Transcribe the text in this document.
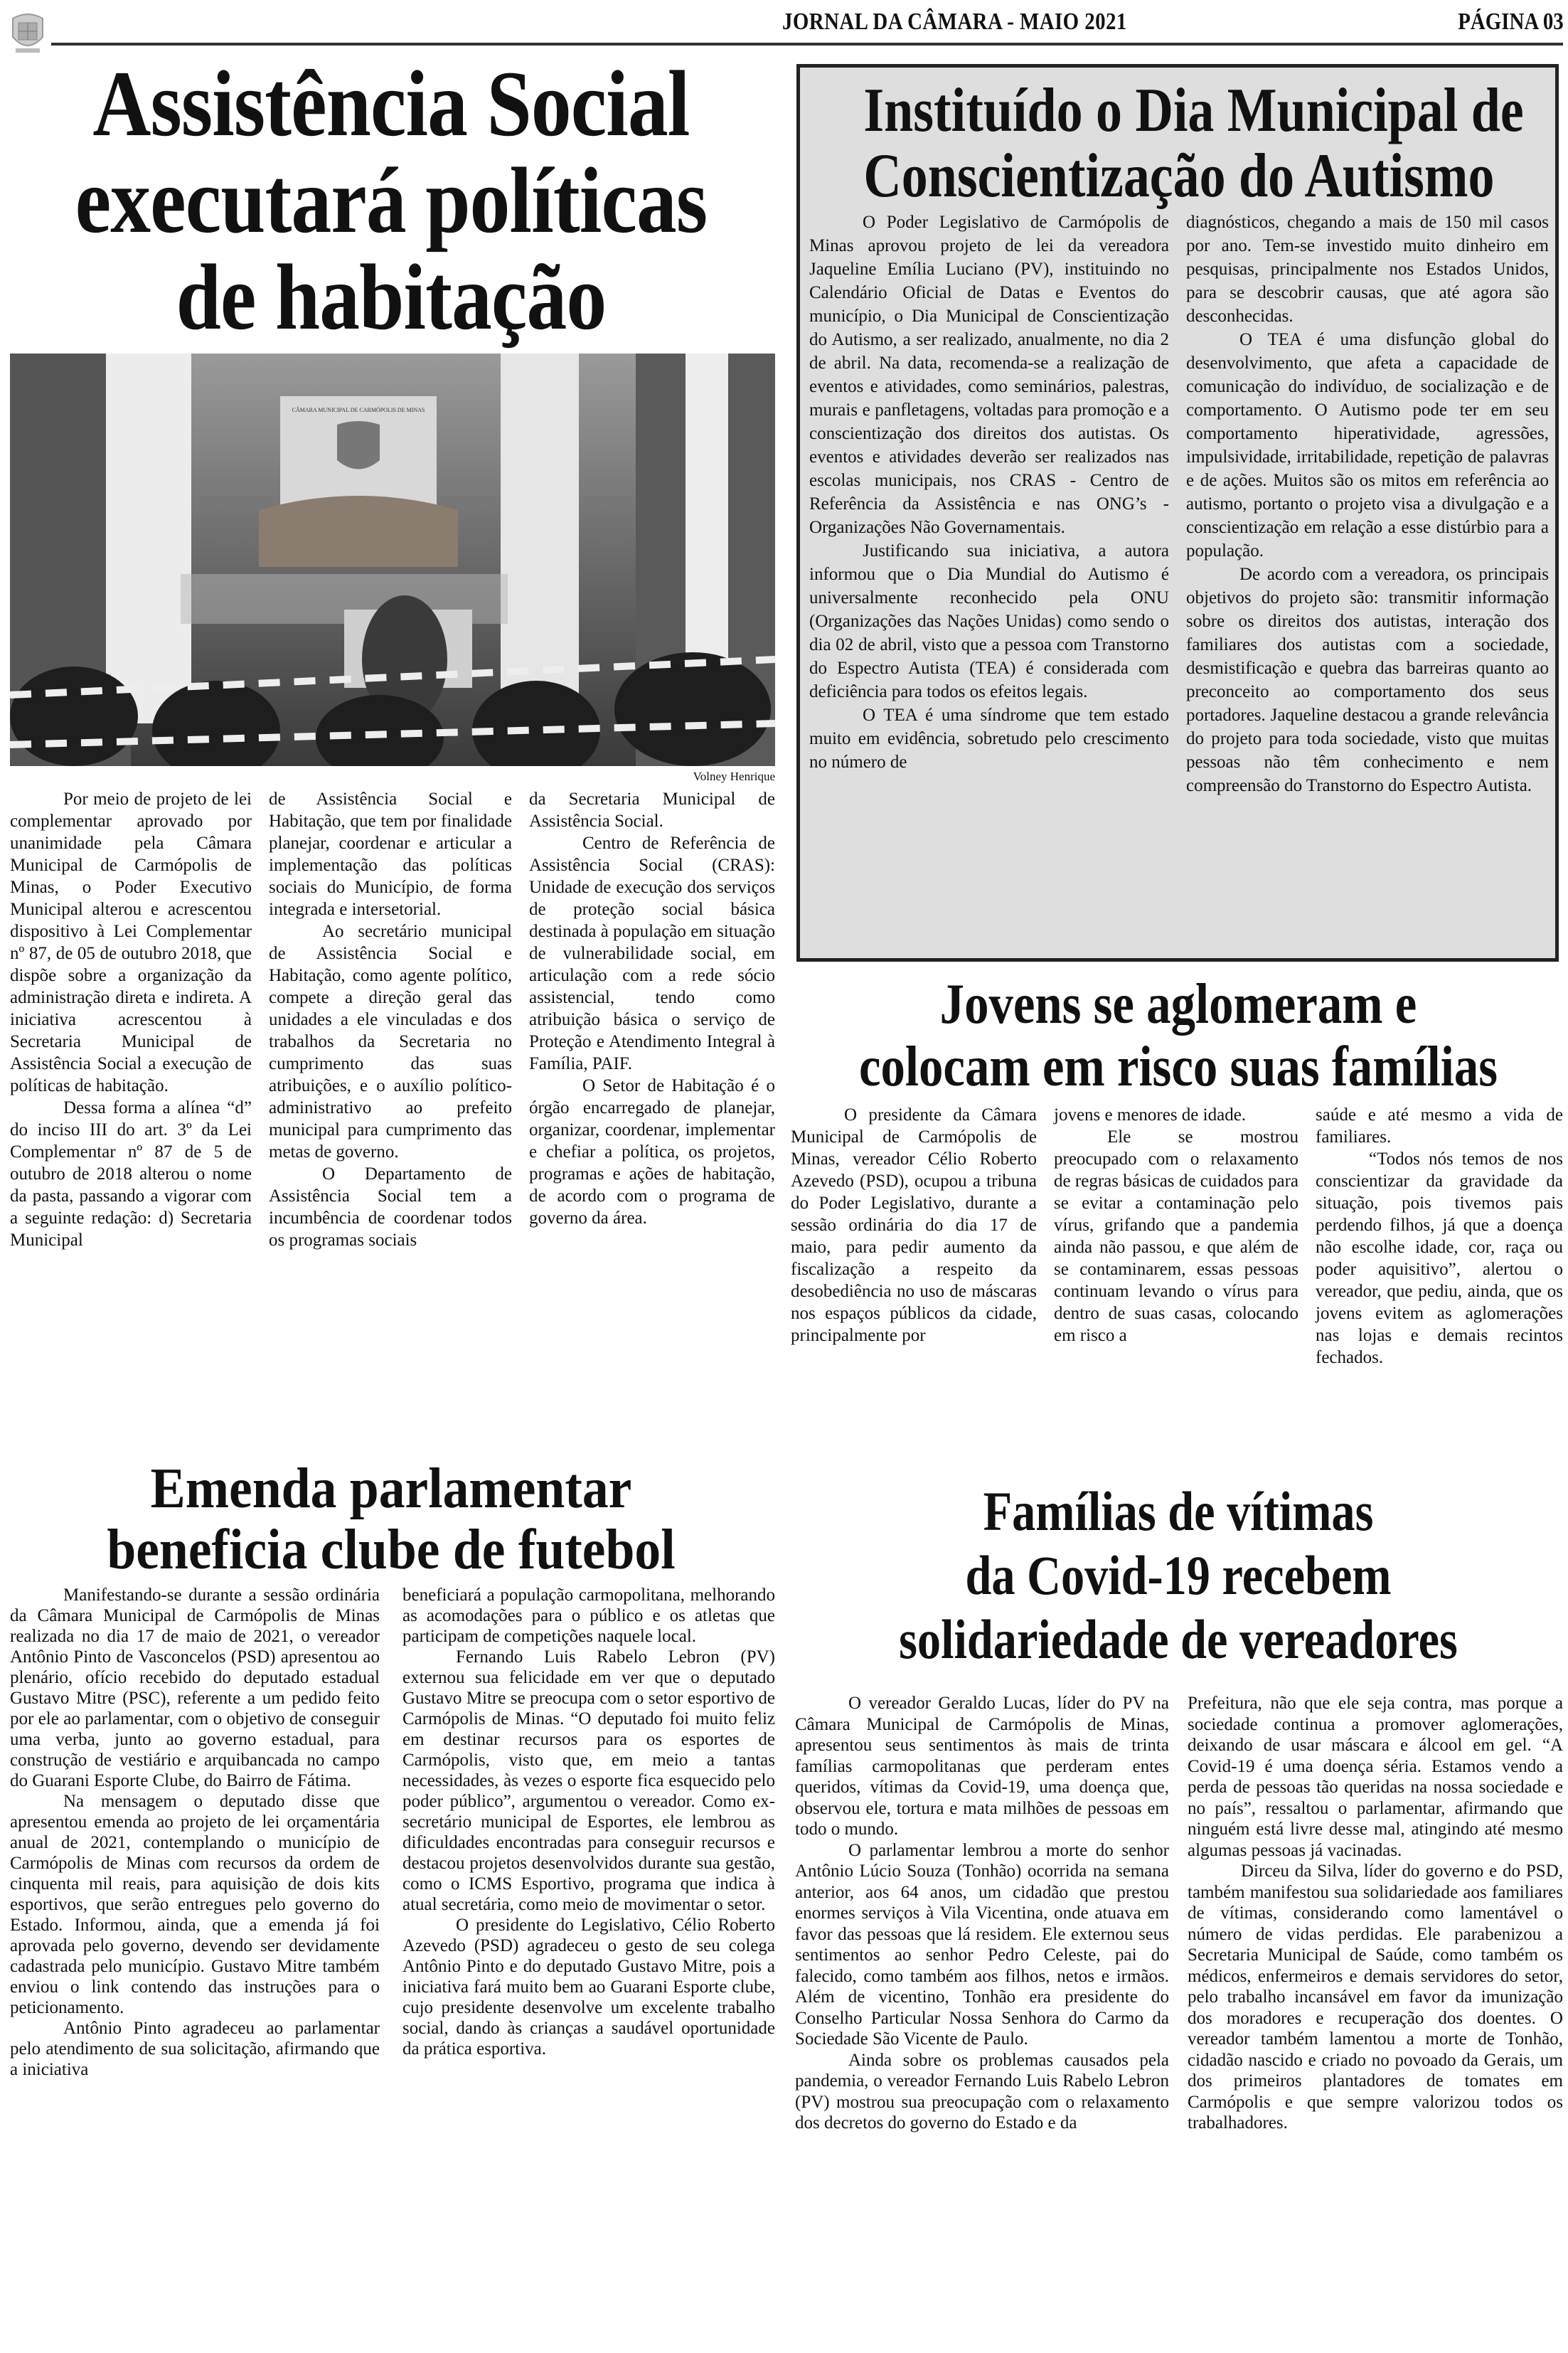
JORNAL DA CÂMARA - MAIO 2021	PÁGINA 03
Assistência Social
executará políticas
de habitação
CÂMARA MUNICIPAL DE CARMÓPOLIS DE MINAS
Volney Henrique

Por meio de projeto de lei complementar aprovado por unanimidade pela Câmara Municipal de Carmópolis de Minas, o Poder Executivo Municipal alterou e acrescentou dispositivo à Lei Complementar nº 87, de 05 de outubro 2018, que dispõe sobre a organização da administração direta e indireta. A iniciativa acrescentou à Secretaria Municipal de Assistência Social a execução de políticas de habitação.

Dessa forma a alínea “d” do inciso III do art. 3º da Lei Complementar nº 87 de 5 de outubro de 2018 alterou o nome da pasta, passando a vigorar com a seguinte redação: d) Secretaria Municipal

de Assistência Social e Habitação, que tem por finalidade planejar, coordenar e articular a implementação das políticas sociais do Município, de forma integrada e intersetorial.

Ao secretário municipal de Assistência Social e Habitação, como agente político, compete a direção geral das unidades a ele vinculadas e dos trabalhos da Secretaria no cumprimento das suas atribuições, e o auxílio político-administrativo ao prefeito municipal para cumprimento das metas de governo.

O Departamento de Assistência Social tem a incumbência de coordenar todos os programas sociais

da Secretaria Municipal de Assistência Social.

Centro de Referência de Assistência Social (CRAS): Unidade de execução dos serviços de proteção social básica destinada à população em situação de vulnerabilidade social, em articulação com a rede sócio assistencial, tendo como atribuição básica o serviço de Proteção e Atendimento Integral à Família, PAIF.

O Setor de Habitação é o órgão encarregado de planejar, organizar, coordenar, implementar e chefiar a política, os projetos, programas e ações de habitação, de acordo com o programa de governo da área.

Instituído o Dia Municipal de
Conscientização do Autismo

O Poder Legislativo de Carmópolis de Minas aprovou projeto de lei da vereadora Jaqueline Emília Luciano (PV), instituindo no Calendário Oficial de Datas e Eventos do município, o Dia Municipal de Conscientização do Autismo, a ser realizado, anualmente, no dia 2 de abril. Na data, recomenda-se a realização de eventos e atividades, como seminários, palestras, murais e panfletagens, voltadas para promoção e a conscientização dos direitos dos autistas. Os eventos e atividades deverão ser realizados nas escolas municipais, nos CRAS - Centro de Referência da Assistência e nas ONG’s - Organizações Não Governamentais.

Justificando sua iniciativa, a autora informou que o Dia Mundial do Autismo é universalmente reconhecido pela ONU (Organizações das Nações Unidas) como sendo o dia 02 de abril, visto que a pessoa com Transtorno do Espectro Autista (TEA) é considerada com deficiência para todos os efeitos legais.

O TEA é uma síndrome que tem estado muito em evidência, sobretudo pelo crescimento no número de

diagnósticos, chegando a mais de 150 mil casos por ano. Tem-se investido muito dinheiro em pesquisas, principalmente nos Estados Unidos, para se descobrir causas, que até agora são desconhecidas.

O TEA é uma disfunção global do desenvolvimento, que afeta a capacidade de comunicação do indivíduo, de socialização e de comportamento. O Autismo pode ter em seu comportamento hiperatividade, agressões, impulsividade, irritabilidade, repetição de palavras e de ações. Muitos são os mitos em referência ao autismo, portanto o projeto visa a divulgação e a conscientização em relação a esse distúrbio para a população.

De acordo com a vereadora, os principais objetivos do projeto são: transmitir informação sobre os direitos dos autistas, interação dos familiares dos autistas com a sociedade, desmistificação e quebra das barreiras quanto ao preconceito ao comportamento dos seus portadores. Jaqueline destacou a grande relevância do projeto para toda sociedade, visto que muitas pessoas não têm conhecimento e nem compreensão do Transtorno do Espectro Autista.

Jovens se aglomeram e
colocam em risco suas famílias

O presidente da Câmara Municipal de Carmópolis de Minas, vereador Célio Roberto Azevedo (PSD), ocupou a tribuna do Poder Legislativo, durante a sessão ordinária do dia 17 de maio, para pedir aumento da fiscalização a respeito da desobediência no uso de máscaras nos espaços públicos da cidade, principalmente por

jovens e menores de idade.

Ele se mostrou preocupado com o relaxamento de regras básicas de cuidados para se evitar a contaminação pelo vírus, grifando que a pandemia ainda não passou, e que além de se contaminarem, essas pessoas continuam levando o vírus para dentro de suas casas, colocando em risco a

saúde e até mesmo a vida de familiares.

“Todos nós temos de nos conscientizar da gravidade da situação, pois tivemos pais perdendo filhos, já que a doença não escolhe idade, cor, raça ou poder aquisitivo”, alertou o vereador, que pediu, ainda, que os jovens evitem as aglomerações nas lojas e demais recintos fechados.

Emenda parlamentar
beneficia clube de futebol

Manifestando-se durante a sessão ordinária da Câmara Municipal de Carmópolis de Minas realizada no dia 17 de maio de 2021, o vereador Antônio Pinto de Vasconcelos (PSD) apresentou ao plenário, ofício recebido do deputado estadual Gustavo Mitre (PSC), referente a um pedido feito por ele ao parlamentar, com o objetivo de conseguir uma verba, junto ao governo estadual, para construção de vestiário e arquibancada no campo do Guarani Esporte Clube, do Bairro de Fátima.

Na mensagem o deputado disse que apresentou emenda ao projeto de lei orçamentária anual de 2021, contemplando o município de Carmópolis de Minas com recursos da ordem de cinquenta mil reais, para aquisição de dois kits esportivos, que serão entregues pelo governo do Estado. Informou, ainda, que a emenda já foi aprovada pelo governo, devendo ser devidamente cadastrada pelo município. Gustavo Mitre também enviou o link contendo das instruções para o peticionamento.

Antônio Pinto agradeceu ao parlamentar pelo atendimento de sua solicitação, afirmando que a iniciativa

beneficiará a população carmopolitana, melhorando as acomodações para o público e os atletas que participam de competições naquele local.

Fernando Luis Rabelo Lebron (PV) externou sua felicidade em ver que o deputado Gustavo Mitre se preocupa com o setor esportivo de Carmópolis de Minas. “O deputado foi muito feliz em destinar recursos para os esportes de Carmópolis, visto que, em meio a tantas necessidades, às vezes o esporte fica esquecido pelo poder público”, argumentou o vereador. Como ex-secretário municipal de Esportes, ele lembrou as dificuldades encontradas para conseguir recursos e destacou projetos desenvolvidos durante sua gestão, como o ICMS Esportivo, programa que indica à atual secretária, como meio de movimentar o setor.

O presidente do Legislativo, Célio Roberto Azevedo (PSD) agradeceu o gesto de seu colega Antônio Pinto e do deputado Gustavo Mitre, pois a iniciativa fará muito bem ao Guarani Esporte clube, cujo presidente desenvolve um excelente trabalho social, dando às crianças a saudável oportunidade da prática esportiva.

Famílias de vítimas
da Covid-19 recebem
solidariedade de vereadores

O vereador Geraldo Lucas, líder do PV na Câmara Municipal de Carmópolis de Minas, apresentou seus sentimentos às mais de trinta famílias carmopolitanas que perderam entes queridos, vítimas da Covid-19, uma doença que, observou ele, tortura e mata milhões de pessoas em todo o mundo.

O parlamentar lembrou a morte do senhor Antônio Lúcio Souza (Tonhão) ocorrida na semana anterior, aos 64 anos, um cidadão que prestou enormes serviços à Vila Vicentina, onde atuava em favor das pessoas que lá residem. Ele externou seus sentimentos ao senhor Pedro Celeste, pai do falecido, como também aos filhos, netos e irmãos. Além de vicentino, Tonhão era presidente do Conselho Particular Nossa Senhora do Carmo da Sociedade São Vicente de Paulo.

Ainda sobre os problemas causados pela pandemia, o vereador Fernando Luis Rabelo Lebron (PV) mostrou sua preocupação com o relaxamento dos decretos do governo do Estado e da

Prefeitura, não que ele seja contra, mas porque a sociedade continua a promover aglomerações, deixando de usar máscara e álcool em gel. “A Covid-19 é uma doença séria. Estamos vendo a perda de pessoas tão queridas na nossa sociedade e no país”, ressaltou o parlamentar, afirmando que ninguém está livre desse mal, atingindo até mesmo algumas pessoas já vacinadas.

Dirceu da Silva, líder do governo e do PSD, também manifestou sua solidariedade aos familiares de vítimas, considerando como lamentável o número de vidas perdidas. Ele parabenizou a Secretaria Municipal de Saúde, como também os médicos, enfermeiros e demais servidores do setor, pelo trabalho incansável em favor da imunização dos moradores e recuperação dos doentes. O vereador também lamentou a morte de Tonhão, cidadão nascido e criado no povoado da Gerais, um dos primeiros plantadores de tomates em Carmópolis e que sempre valorizou todos os trabalhadores.
